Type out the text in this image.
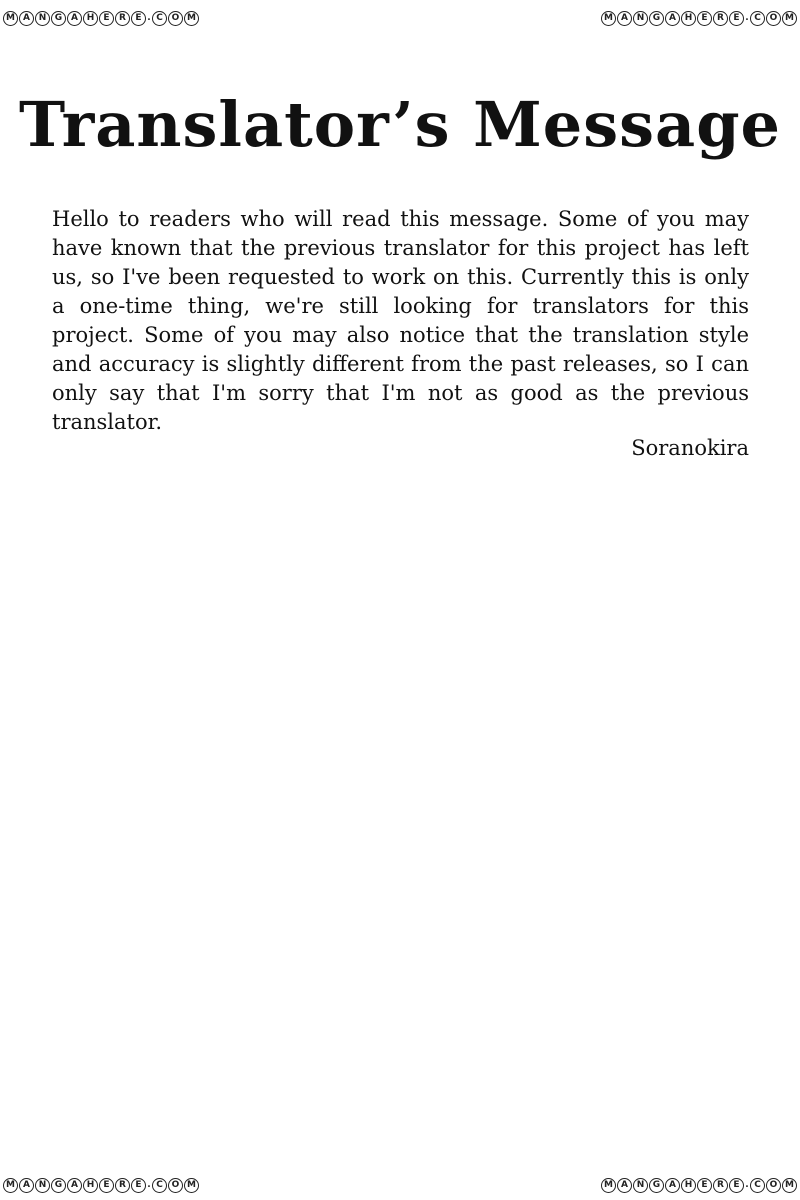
M A N G A H	E	R	E . C O M	M A N G A H	E	R	E . C O M
M A N G A H	E	R	E . C O M	M A N G A H	E	R	E . C O M
Translator’s Message

Hello to readers who will read this message. Some of you may have known that the previous translator for this project has left us, so I've been requested to work on this. Currently this is only a one-time thing, we're still looking for translators for this project. Some of you may also notice that the translation style and accuracy is slightly different from the past releases, so I can only say that I'm sorry that I'm not as good as the previous translator.

Soranokira
